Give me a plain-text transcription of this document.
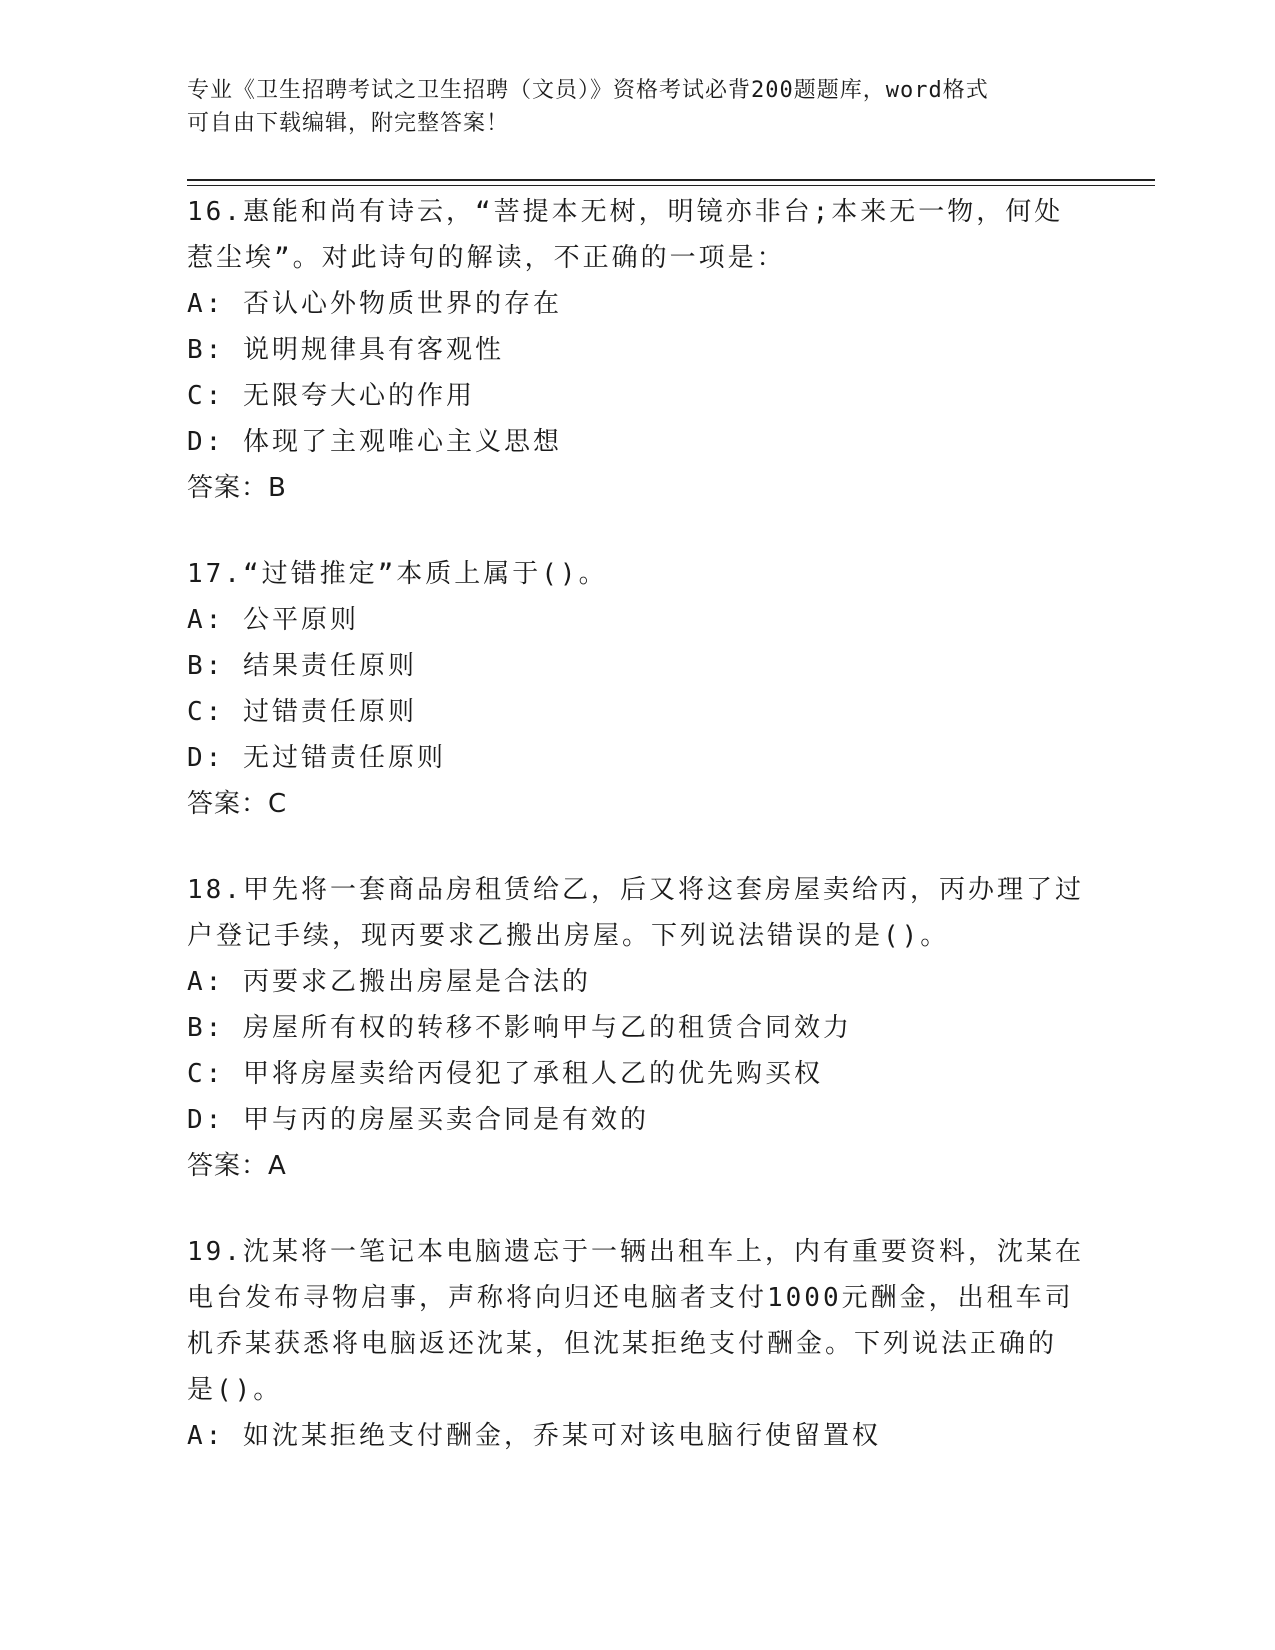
专业《卫生招聘考试之卫生招聘（文员）》资格考试必背200题题库，word格式
可自由下载编辑，附完整答案！
16.惠能和尚有诗云，“菩提本无树，明镜亦非台;本来无一物，何处
惹尘埃”。对此诗句的解读，不正确的一项是：
A: 否认心外物质世界的存在
B: 说明规律具有客观性
C: 无限夸大心的作用
D: 体现了主观唯心主义思想
答案：B
17.“过错推定”本质上属于()。
A: 公平原则
B: 结果责任原则
C: 过错责任原则
D: 无过错责任原则
答案：C
18.甲先将一套商品房租赁给乙，后又将这套房屋卖给丙，丙办理了过
户登记手续，现丙要求乙搬出房屋。下列说法错误的是()。
A: 丙要求乙搬出房屋是合法的
B: 房屋所有权的转移不影响甲与乙的租赁合同效力
C: 甲将房屋卖给丙侵犯了承租人乙的优先购买权
D: 甲与丙的房屋买卖合同是有效的
答案：A
19.沈某将一笔记本电脑遗忘于一辆出租车上，内有重要资料，沈某在
电台发布寻物启事，声称将向归还电脑者支付1000元酬金，出租车司
机乔某获悉将电脑返还沈某，但沈某拒绝支付酬金。下列说法正确的
是()。
A: 如沈某拒绝支付酬金，乔某可对该电脑行使留置权
